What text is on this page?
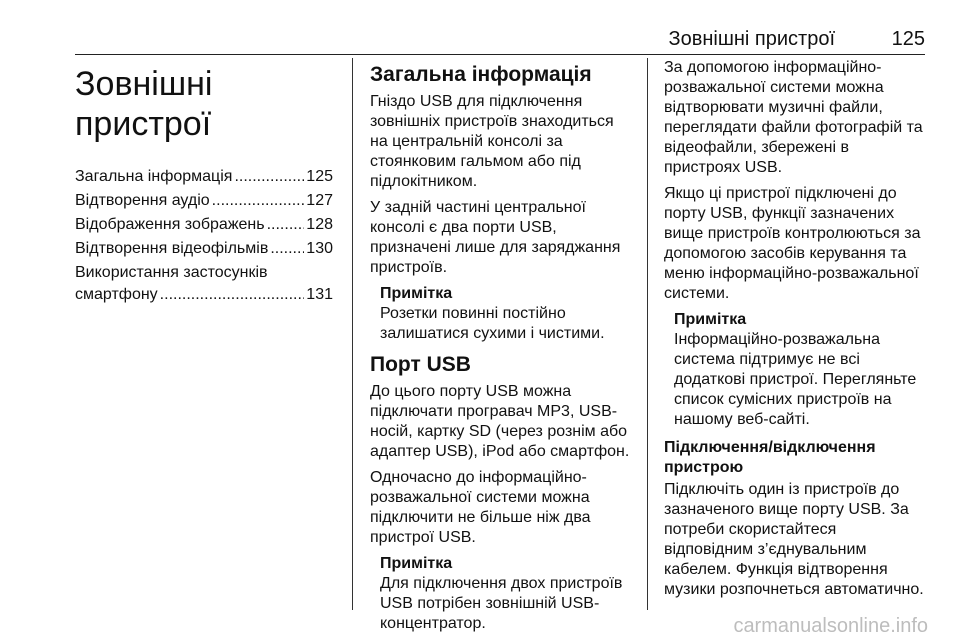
Зовнішні пристрої	125
Зовнішні пристрої
Загальна інформація .....	125
Відтворення аудіо .....	127
Відображення зображень .....	128
Відтворення відеофільмів ..... 130
Використання застосунків
смартфону .....	131
Загальна інформація

Гніздо USB для підключення зовнішніх пристроїв знаходиться на центральній консолі за стоянковим гальмом або під підлокітником.

У задній частині центральної консолі є два порти USB, призначені лише для заряджання пристроїв.

Примітка

Розетки повинні постійно залишатися сухими і чистими.

Порт USB

До цього порту USB можна підключати програвач MP3, USB-носій, картку SD (через рознім або адаптер USB), iPod або смартфон.

Одночасно до інформаційно-розважальної системи можна підключити не більше ніж два пристрої USB.

Примітка

Для підключення двох пристроїв USB потрібен зовнішній USB-концентратор.

За допомогою інформаційно-розважальної системи можна відтворювати музичні файли, переглядати файли фотографій та відеофайли, збережені в пристроях USB.

Якщо ці пристрої підключені до порту USB, функції зазначених вище пристроїв контролюються за допомогою засобів керування та меню інформаційно-розважальної системи.

Примітка

Інформаційно-розважальна система підтримує не всі додаткові пристрої. Перегляньте список сумісних пристроїв на нашому веб-сайті.

Підключення/відключення пристрою

Підключіть один із пристроїв до зазначеного вище порту USB. За потреби скористайтеся відповідним з’єднувальним кабелем. Функція відтворення музики розпочнеться автоматично.

carmanualsonline.info
